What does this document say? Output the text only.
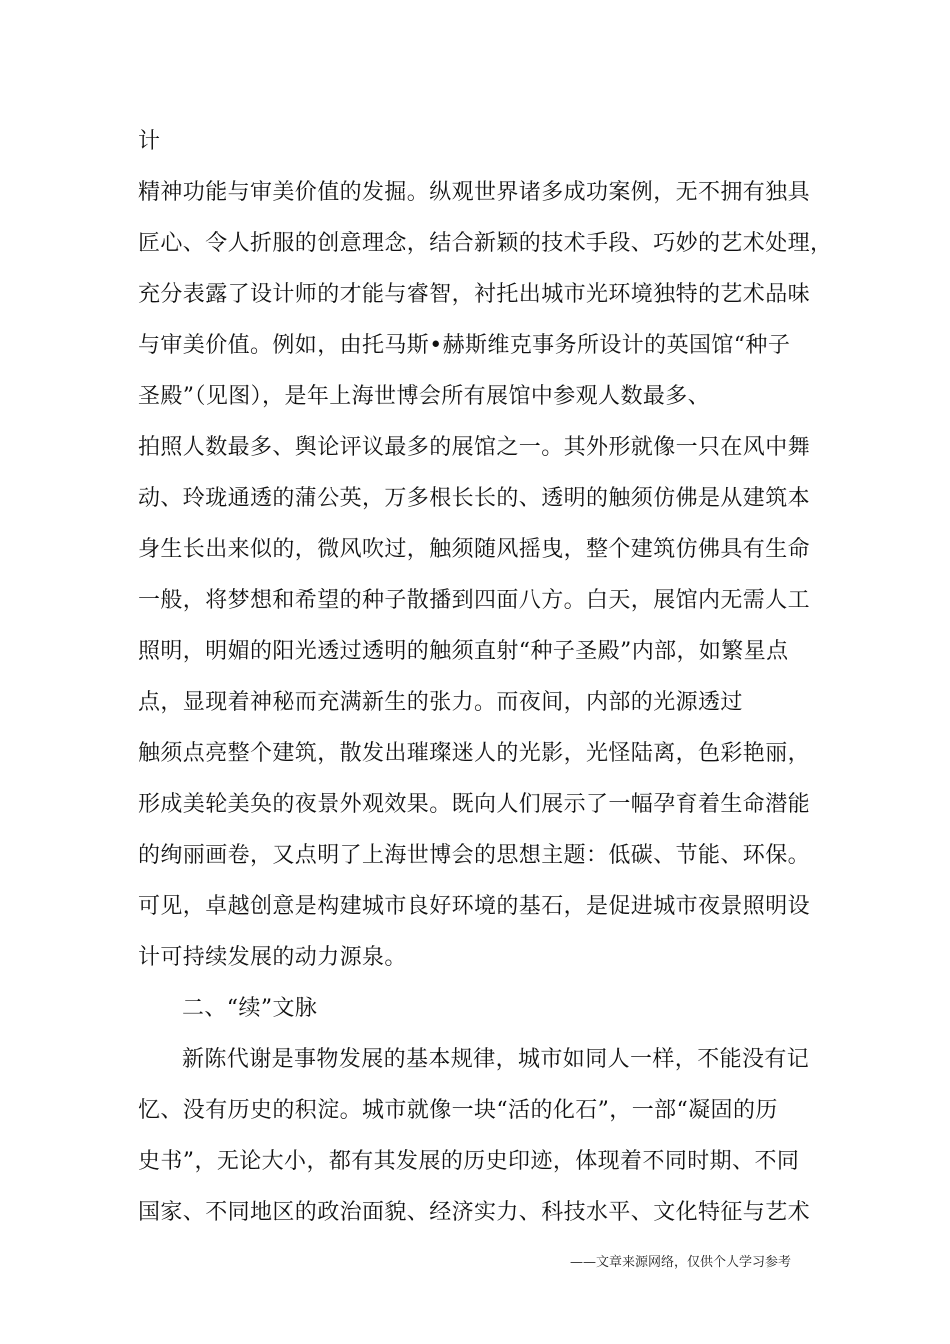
计
精神功能与审美价值的发掘。纵观世界诸多成功案例，无不拥有独具
匠心、令人折服的创意理念，结合新颖的技术手段、巧妙的艺术处理，
充分表露了设计师的才能与睿智，衬托出城市光环境独特的艺术品味
与审美价值。例如，由托马斯•赫斯维克事务所设计的英国馆“种子
圣殿”（见图），是年上海世博会所有展馆中参观人数最多、
拍照人数最多、舆论评议最多的展馆之一。其外形就像一只在风中舞
动、玲珑通透的蒲公英，万多根长长的、透明的触须仿佛是从建筑本
身生长出来似的，微风吹过，触须随风摇曳，整个建筑仿佛具有生命
一般，将梦想和希望的种子散播到四面八方。白天，展馆内无需人工
照明，明媚的阳光透过透明的触须直射“种子圣殿”内部，如繁星点
点，显现着神秘而充满新生的张力。而夜间，内部的光源透过
触须点亮整个建筑，散发出璀璨迷人的光影，光怪陆离，色彩艳丽，
形成美轮美奂的夜景外观效果。既向人们展示了一幅孕育着生命潜能
的绚丽画卷，又点明了上海世博会的思想主题：低碳、节能、环保。
可见，卓越创意是构建城市良好环境的基石，是促进城市夜景照明设
计可持续发展的动力源泉。
二、“续”文脉
新陈代谢是事物发展的基本规律，城市如同人一样，不能没有记
忆、没有历史的积淀。城市就像一块“活的化石”，一部“凝固的历
史书”，无论大小，都有其发展的历史印迹，体现着不同时期、不同
国家、不同地区的政治面貌、经济实力、科技水平、文化特征与艺术
——文章来源网络，仅供个人学习参考
